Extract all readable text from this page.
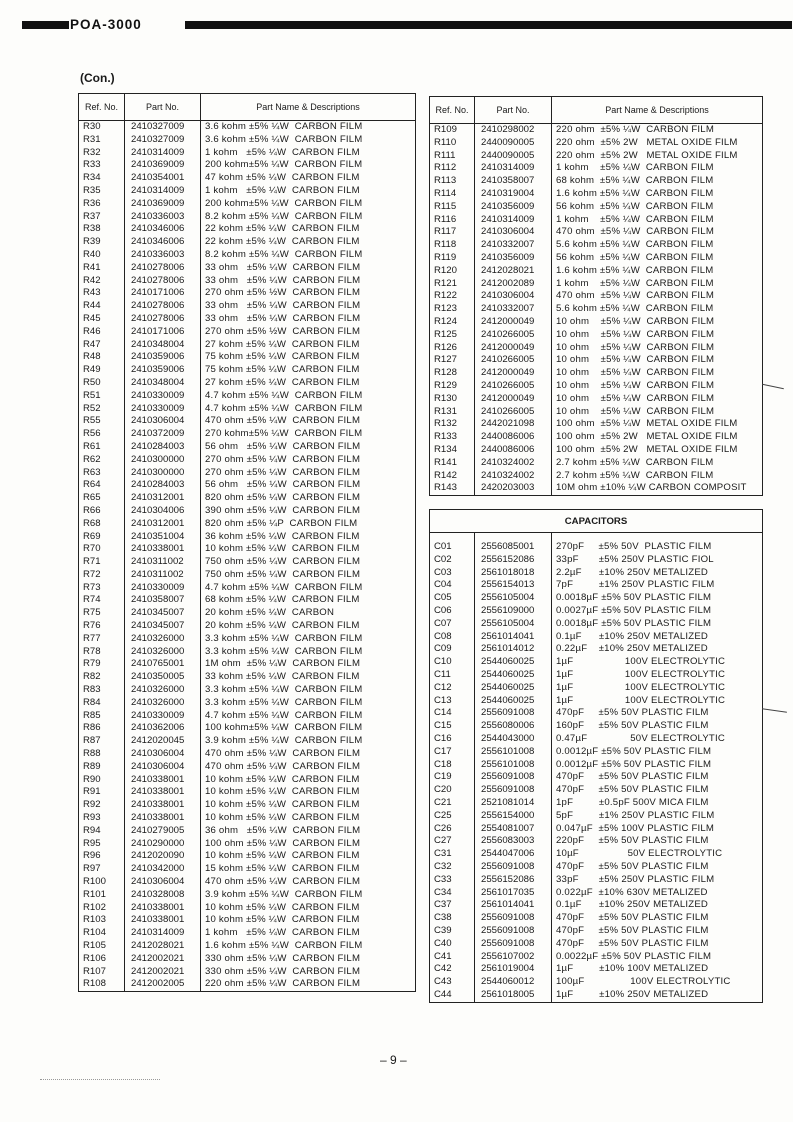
POA-3000
(Con.)
Ref. No.	Part No.	Part Name & Descriptions
R30	2410327009	3.6 kohm ±5% ¼W  CARBON FILM
R31	2410327009	3.6 kohm ±5% ¼W  CARBON FILM
R32	2410314009	1 kohm   ±5% ¼W  CARBON FILM
R33	2410369009	200 kohm±5% ¼W  CARBON FILM
R34	2410354001	47 kohm ±5% ¼W  CARBON FILM
R35	2410314009	1 kohm   ±5% ¼W  CARBON FILM
R36	2410369009	200 kohm±5% ¼W  CARBON FILM
R37	2410336003	8.2 kohm ±5% ¼W  CARBON FILM
R38	2410346006	22 kohm ±5% ¼W  CARBON FILM
R39	2410346006	22 kohm ±5% ¼W  CARBON FILM
R40	2410336003	8.2 kohm ±5% ¼W  CARBON FILM
R41	2410278006	33 ohm   ±5% ¼W  CARBON FILM
R42	2410278006	33 ohm   ±5% ¼W  CARBON FILM
R43	2410171006	270 ohm ±5% ½W  CARBON FILM
R44	2410278006	33 ohm   ±5% ¼W  CARBON FILM
R45	2410278006	33 ohm   ±5% ¼W  CARBON FILM
R46	2410171006	270 ohm ±5% ½W  CARBON FILM
R47	2410348004	27 kohm ±5% ¼W  CARBON FILM
R48	2410359006	75 kohm ±5% ¼W  CARBON FILM
R49	2410359006	75 kohm ±5% ¼W  CARBON FILM
R50	2410348004	27 kohm ±5% ¼W  CARBON FILM
R51	2410330009	4.7 kohm ±5% ¼W  CARBON FILM
R52	2410330009	4.7 kohm ±5% ¼W  CARBON FILM
R55	2410306004	470 ohm ±5% ¼W  CARBON FILM
R56	2410372009	270 kohm±5% ¼W  CARBON FILM
R61	2410284003	56 ohm   ±5% ¼W  CARBON FILM
R62	2410300000	270 ohm ±5% ¼W  CARBON FILM
R63	2410300000	270 ohm ±5% ¼W  CARBON FILM
R64	2410284003	56 ohm   ±5% ¼W  CARBON FILM
R65	2410312001	820 ohm ±5% ¼W  CARBON FILM
R66	2410304006	390 ohm ±5% ¼W  CARBON FILM
R68	2410312001	820 ohm ±5% ¼P  CARBON FILM
R69	2410351004	36 kohm ±5% ¼W  CARBON FILM
R70	2410338001	10 kohm ±5% ¼W  CARBON FILM
R71	2410311002	750 ohm ±5% ¼W  CARBON FILM
R72	2410311002	750 ohm ±5% ¼W  CARBON FILM
R73	2410330009	4.7 kohm ±5% ¼W  CARBON FILM
R74	2410358007	68 kohm ±5% ¼W  CARBON FILM
R75	2410345007	20 kohm ±5% ¼W  CARBON
R76	2410345007	20 kohm ±5% ¼W  CARBON FILM
R77	2410326000	3.3 kohm ±5% ¼W  CARBON FILM
R78	2410326000	3.3 kohm ±5% ¼W  CARBON FILM
R79	2410765001	1M ohm  ±5% ¼W  CARBON FILM
R82	2410350005	33 kohm ±5% ¼W  CARBON FILM
R83	2410326000	3.3 kohm ±5% ¼W  CARBON FILM
R84	2410326000	3.3 kohm ±5% ¼W  CARBON FILM
R85	2410330009	4.7 kohm ±5% ¼W  CARBON FILM
R86	2410362006	100 kohm±5% ¼W  CARBON FILM
R87	2412020045	3.9 kohm ±5% ¼W  CARBON FILM
R88	2410306004	470 ohm ±5% ¼W  CARBON FILM
R89	2410306004	470 ohm ±5% ¼W  CARBON FILM
R90	2410338001	10 kohm ±5% ¼W  CARBON FILM
R91	2410338001	10 kohm ±5% ¼W  CARBON FILM
R92	2410338001	10 kohm ±5% ¼W  CARBON FILM
R93	2410338001	10 kohm ±5% ¼W  CARBON FILM
R94	2410279005	36 ohm   ±5% ¼W  CARBON FILM
R95	2410290000	100 ohm ±5% ¼W  CARBON FILM
R96	2412020090	10 kohm ±5% ¼W  CARBON FILM
R97	2410342000	15 kohm ±5% ¼W  CARBON FILM
R100	2410306004	470 ohm ±5% ¼W  CARBON FILM
R101	2410328008	3.9 kohm ±5% ¼W  CARBON FILM
R102	2410338001	10 kohm ±5% ¼W  CARBON FILM
R103	2410338001	10 kohm ±5% ¼W  CARBON FILM
R104	2410314009	1 kohm   ±5% ¼W  CARBON FILM
R105	2412028021	1.6 kohm ±5% ¼W  CARBON FILM
R106	2412002021	330 ohm ±5% ¼W  CARBON FILM
R107	2412002021	330 ohm ±5% ¼W  CARBON FILM
R108	2412002005	220 ohm ±5% ¼W  CARBON FILM
Ref. No.	Part No.	Part Name & Descriptions
R109	2410298002	220 ohm  ±5% ¼W  CARBON FILM
R110	2440090005	220 ohm  ±5% 2W   METAL OXIDE FILM
R111	2440090005	220 ohm  ±5% 2W   METAL OXIDE FILM
R112	2410314009	1 kohm    ±5% ¼W  CARBON FILM
R113	2410358007	68 kohm  ±5% ¼W  CARBON FILM
R114	2410319004	1.6 kohm ±5% ¼W  CARBON FILM
R115	2410356009	56 kohm  ±5% ¼W  CARBON FILM
R116	2410314009	1 kohm    ±5% ¼W  CARBON FILM
R117	2410306004	470 ohm  ±5% ¼W  CARBON FILM
R118	2410332007	5.6 kohm ±5% ¼W  CARBON FILM
R119	2410356009	56 kohm  ±5% ¼W  CARBON FILM
R120	2412028021	1.6 kohm ±5% ¼W  CARBON FILM
R121	2412002089	1 kohm    ±5% ¼W  CARBON FILM
R122	2410306004	470 ohm  ±5% ¼W  CARBON FILM
R123	2410332007	5.6 kohm ±5% ¼W  CARBON FILM
R124	2412000049	10 ohm    ±5% ¼W  CARBON FILM
R125	2410266005	10 ohm    ±5% ¼W  CARBON FILM
R126	2412000049	10 ohm    ±5% ¼W  CARBON FILM
R127	2410266005	10 ohm    ±5% ¼W  CARBON FILM
R128	2412000049	10 ohm    ±5% ¼W  CARBON FILM
R129	2410266005	10 ohm    ±5% ¼W  CARBON FILM
R130	2412000049	10 ohm    ±5% ¼W  CARBON FILM
R131	2410266005	10 ohm    ±5% ¼W  CARBON FILM
R132	2442021098	100 ohm  ±5% ¼W  METAL OXIDE FILM
R133	2440086006	100 ohm  ±5% 2W   METAL OXIDE FILM
R134	2440086006	100 ohm  ±5% 2W   METAL OXIDE FILM
R141	2410324002	2.7 kohm ±5% ¼W  CARBON FILM
R142	2410324002	2.7 kohm ±5% ¼W  CARBON FILM
R143	2420203003	10M ohm ±10% ¼W CARBON COMPOSIT
CAPACITORS		
C01	2556085001	270pF     ±5% 50V  PLASTIC FILM
C02	2556152086	33pF       ±5% 250V PLASTIC FIOL
C03	2561018018	2.2µF      ±10% 250V METALIZED
C04	2556154013	7pF         ±1% 250V PLASTIC FILM
C05	2556105004	0.0018µF ±5% 50V PLASTIC FILM
C06	2556109000	0.0027µF ±5% 50V PLASTIC FILM
C07	2556105004	0.0018µF ±5% 50V PLASTIC FILM
C08	2561014041	0.1µF      ±10% 250V METALIZED
C09	2561014012	0.22µF    ±10% 250V METALIZED
C10	2544060025	1µF                  100V ELECTROLYTIC
C11	2544060025	1µF                  100V ELECTROLYTIC
C12	2544060025	1µF                  100V ELECTROLYTIC
C13	2544060025	1µF                  100V ELECTROLYTIC
C14	2556091008	470pF     ±5% 50V PLASTIC FILM
C15	2556080006	160pF     ±5% 50V PLASTIC FILM
C16	2544043000	0.47µF               50V ELECTROLYTIC
C17	2556101008	0.0012µF ±5% 50V PLASTIC FILM
C18	2556101008	0.0012µF ±5% 50V PLASTIC FILM
C19	2556091008	470pF     ±5% 50V PLASTIC FILM
C20	2556091008	470pF     ±5% 50V PLASTIC FILM
C21	2521081014	1pF         ±0.5pF 500V MICA FILM
C25	2556154000	5pF         ±1% 250V PLASTIC FILM
C26	2554081007	0.047µF  ±5% 100V PLASTIC FILM
C27	2556083003	220pF     ±5% 50V PLASTIC FILM
C31	2544047006	10µF                 50V ELECTROLYTIC
C32	2556091008	470pF     ±5% 50V PLASTIC FILM
C33	2556152086	33pF       ±5% 250V PLASTIC FILM
C34	2561017035	0.022µF  ±10% 630V METALIZED
C37	2561014041	0.1µF      ±10% 250V METALIZED
C38	2556091008	470pF     ±5% 50V PLASTIC FILM
C39	2556091008	470pF     ±5% 50V PLASTIC FILM
C40	2556091008	470pF     ±5% 50V PLASTIC FILM
C41	2556107002	0.0022µF ±5% 50V PLASTIC FILM
C42	2561019004	1µF         ±10% 100V METALIZED
C43	2544060012	100µF                100V ELECTROLYTIC
C44	2561018005	1µF         ±10% 250V METALIZED
– 9 –
